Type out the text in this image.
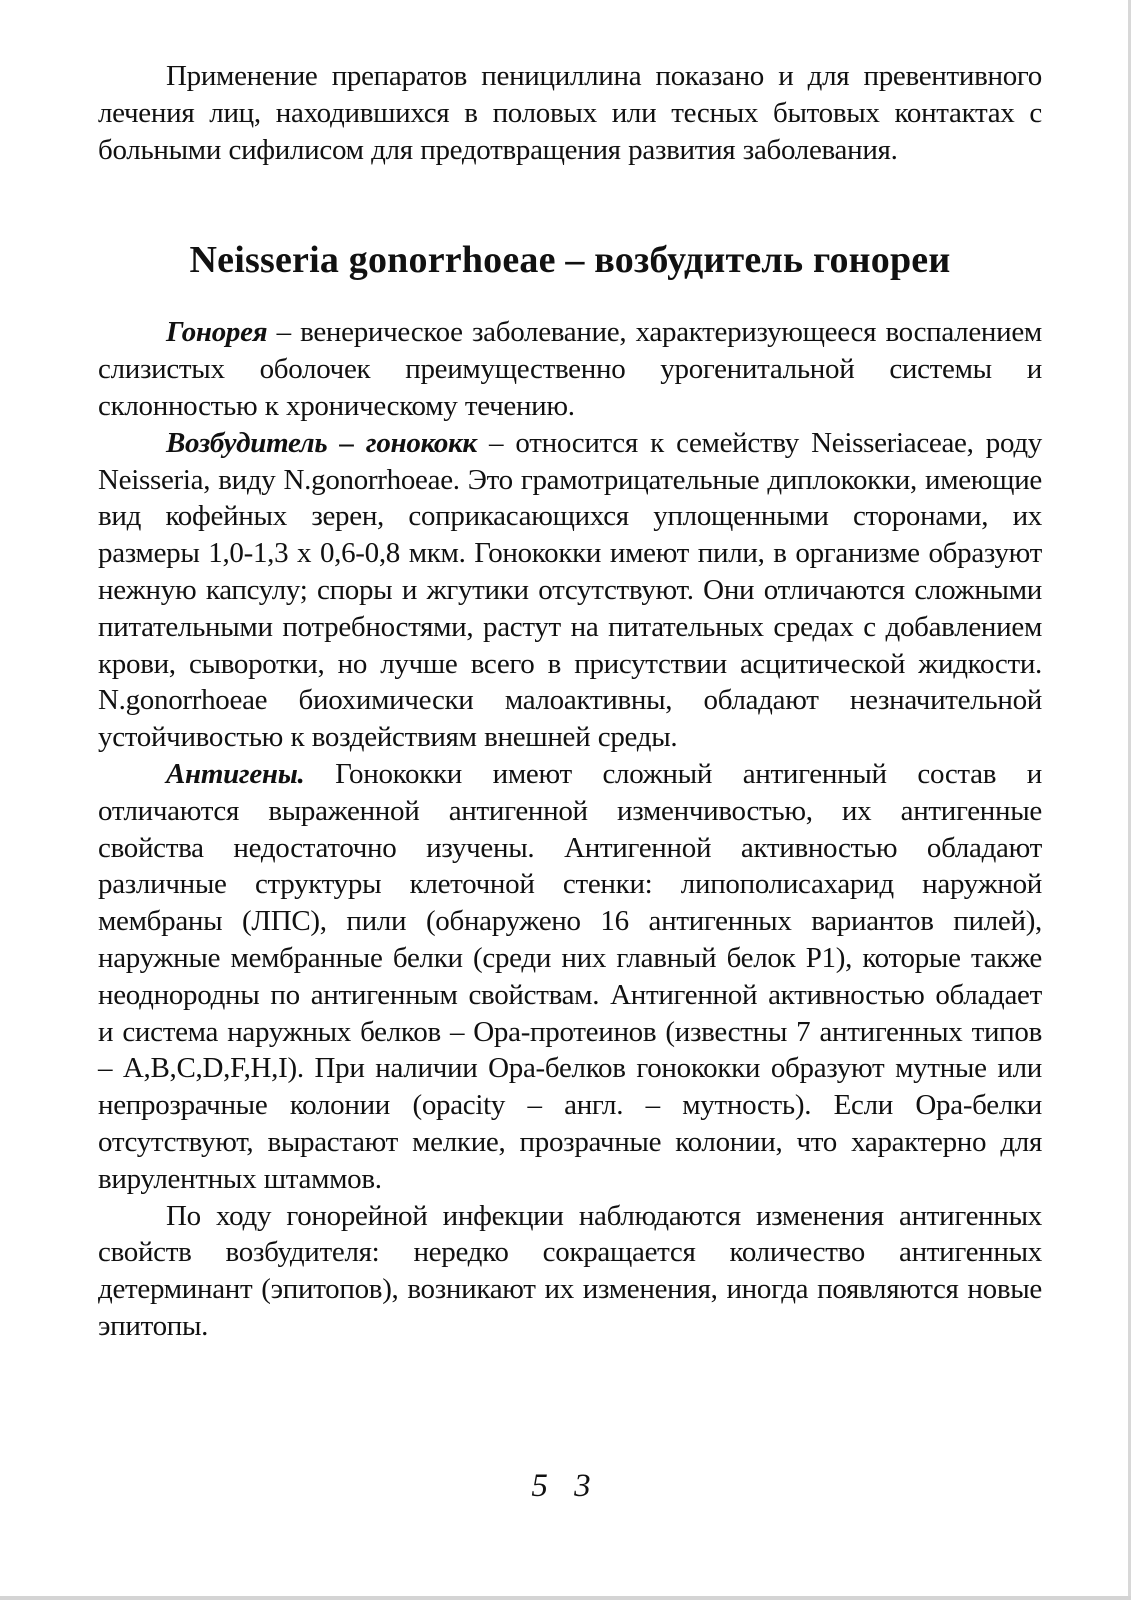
Применение препаратов пенициллина показано и для превентивного лечения лиц, находившихся в половых или тесных бытовых контактах с больными сифилисом для предотвращения развития заболевания.

Neisseria gonorrhoeae – возбудитель гонореи

Гонорея – венерическое заболевание, характеризующееся воспалением слизистых оболочек преимущественно урогенитальной системы и склонностью к хроническому течению.

Возбудитель – гонококк – относится к семейству Neisseriaceae, роду Neisseria, виду N.gonorrhoeae. Это грамотрицательные диплококки, имеющие вид кофейных зерен, соприкасающихся уплощенными сторонами, их размеры 1,0-1,3 х 0,6-0,8 мкм. Гонококки имеют пили, в организме образуют нежную капсулу; споры и жгутики отсутствуют. Они отличаются сложными питательными потребностями, растут на питательных средах с добавлением крови, сыворотки, но лучше всего в присутствии асцитической жидкости. N.gonorrhoeae биохимически малоактивны, обладают незначительной устойчивостью к воздействиям внешней среды.

Антигены. Гонококки имеют сложный антигенный состав и отличаются выраженной антигенной изменчивостью, их антигенные свойства недостаточно изучены. Антигенной активностью обладают различные структуры клеточной стенки: липополисахарид наружной мембраны (ЛПС), пили (обнаружено 16 антигенных вариантов пилей), наружные мембранные белки (среди них главный белок P1), которые также неоднородны по антигенным свойствам. Антигенной активностью обладает и система наружных белков – Opa-протеинов (известны 7 антигенных типов – A,B,C,D,F,H,I). При наличии Opa-белков гонококки образуют мутные или непрозрачные колонии (opacity – англ. – мутность). Если Opa-белки отсутствуют, вырастают мелкие, прозрачные колонии, что характерно для вирулентных штаммов.

По ходу гонорейной инфекции наблюдаются изменения антигенных свойств возбудителя: нередко сокращается количество антигенных детерминант (эпитопов), возникают их изменения, иногда появляются новые эпитопы.

5 3
